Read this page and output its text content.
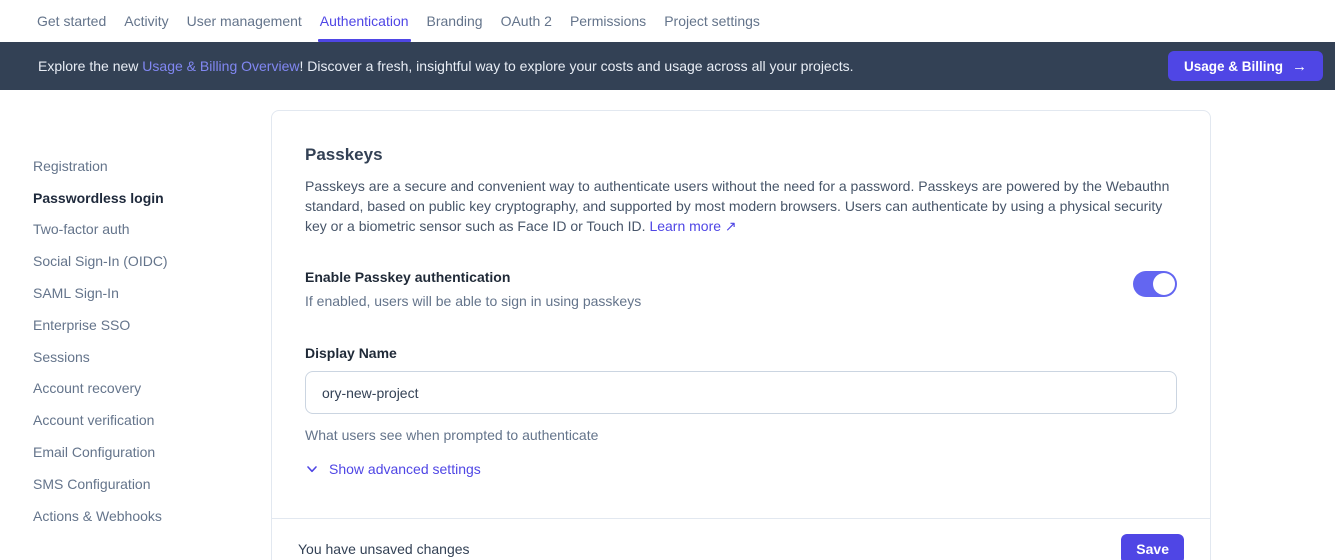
Get started Activity User management Authentication Branding OAuth 2 Permissions Project settings
Explore the new Usage & Billing Overview! Discover a fresh, insightful way to explore your costs and usage across all your projects.	Usage & Billing →
Registration
Passwordless login
Two-factor auth
Social Sign-In (OIDC)
SAML Sign-In
Enterprise SSO
Sessions
Account recovery
Account verification
Email Configuration
SMS Configuration
Actions & Webhooks
Passkeys

Passkeys are a secure and convenient way to authenticate users without the need for a password. Passkeys are powered by the Webauthn standard, based on public key cryptography, and supported by most modern browsers. Users can authenticate by using a physical security key or a biometric sensor such as Face ID or Touch ID. Learn more ↗

Enable Passkey authentication
If enabled, users will be able to sign in using passkeys
Display Name
ory-new-project
What users see when prompted to authenticate
Show advanced settings
You have unsaved changes	Save
